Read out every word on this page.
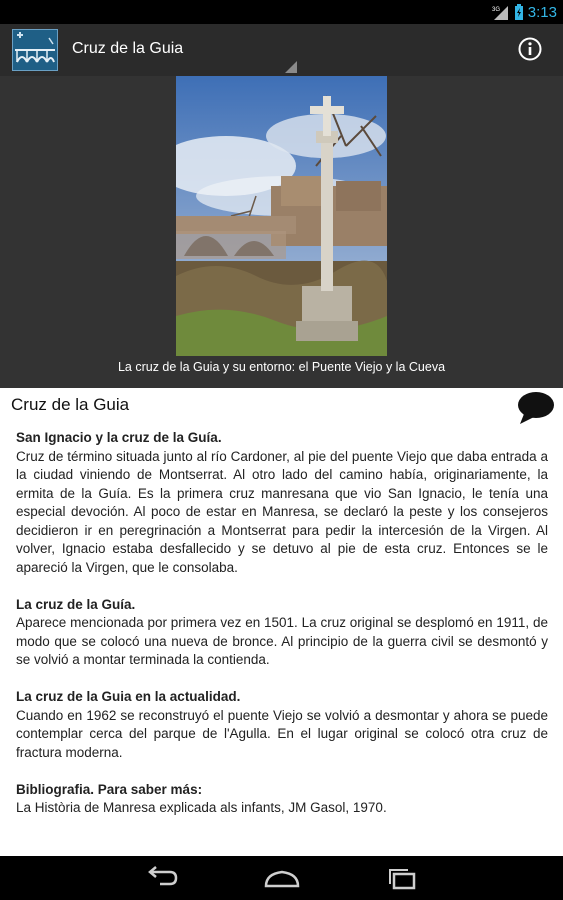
3G 3:13
Cruz de la Guia
La cruz de la Guia y su entorno: el Puente Viejo y la Cueva
Cruz de la Guia
San Ignacio y la cruz de la Guía.
Cruz de término situada junto al río Cardoner, al pie del puente Viejo que daba entrada a la ciudad viniendo de Montserrat. Al otro lado del camino había, originariamente, la ermita de la Guía. Es la primera cruz manresana que vio San Ignacio, le tenía una especial devoción. Al poco de estar en Manresa, se declaró la peste y los consejeros decidieron ir en peregrinación a Montserrat para pedir la intercesión de la Virgen. Al volver, Ignacio estaba desfallecido y se detuvo al pie de esta cruz. Entonces se le apareció la Virgen, que le consolaba.
La cruz de la Guía.
Aparece mencionada por primera vez en 1501. La cruz original se desplomó en 1911, de modo que se colocó una nueva de bronce. Al principio de la guerra civil se desmontó y se volvió a montar terminada la contienda.
La cruz de la Guia en la actualidad.
Cuando en 1962 se reconstruyó el puente Viejo se volvió a desmontar y ahora se puede contemplar cerca del parque de l'Agulla. En el lugar original se colocó otra cruz de fractura moderna.
Bibliografia. Para saber más:
La Història de Manresa explicada als infants, JM Gasol, 1970.
